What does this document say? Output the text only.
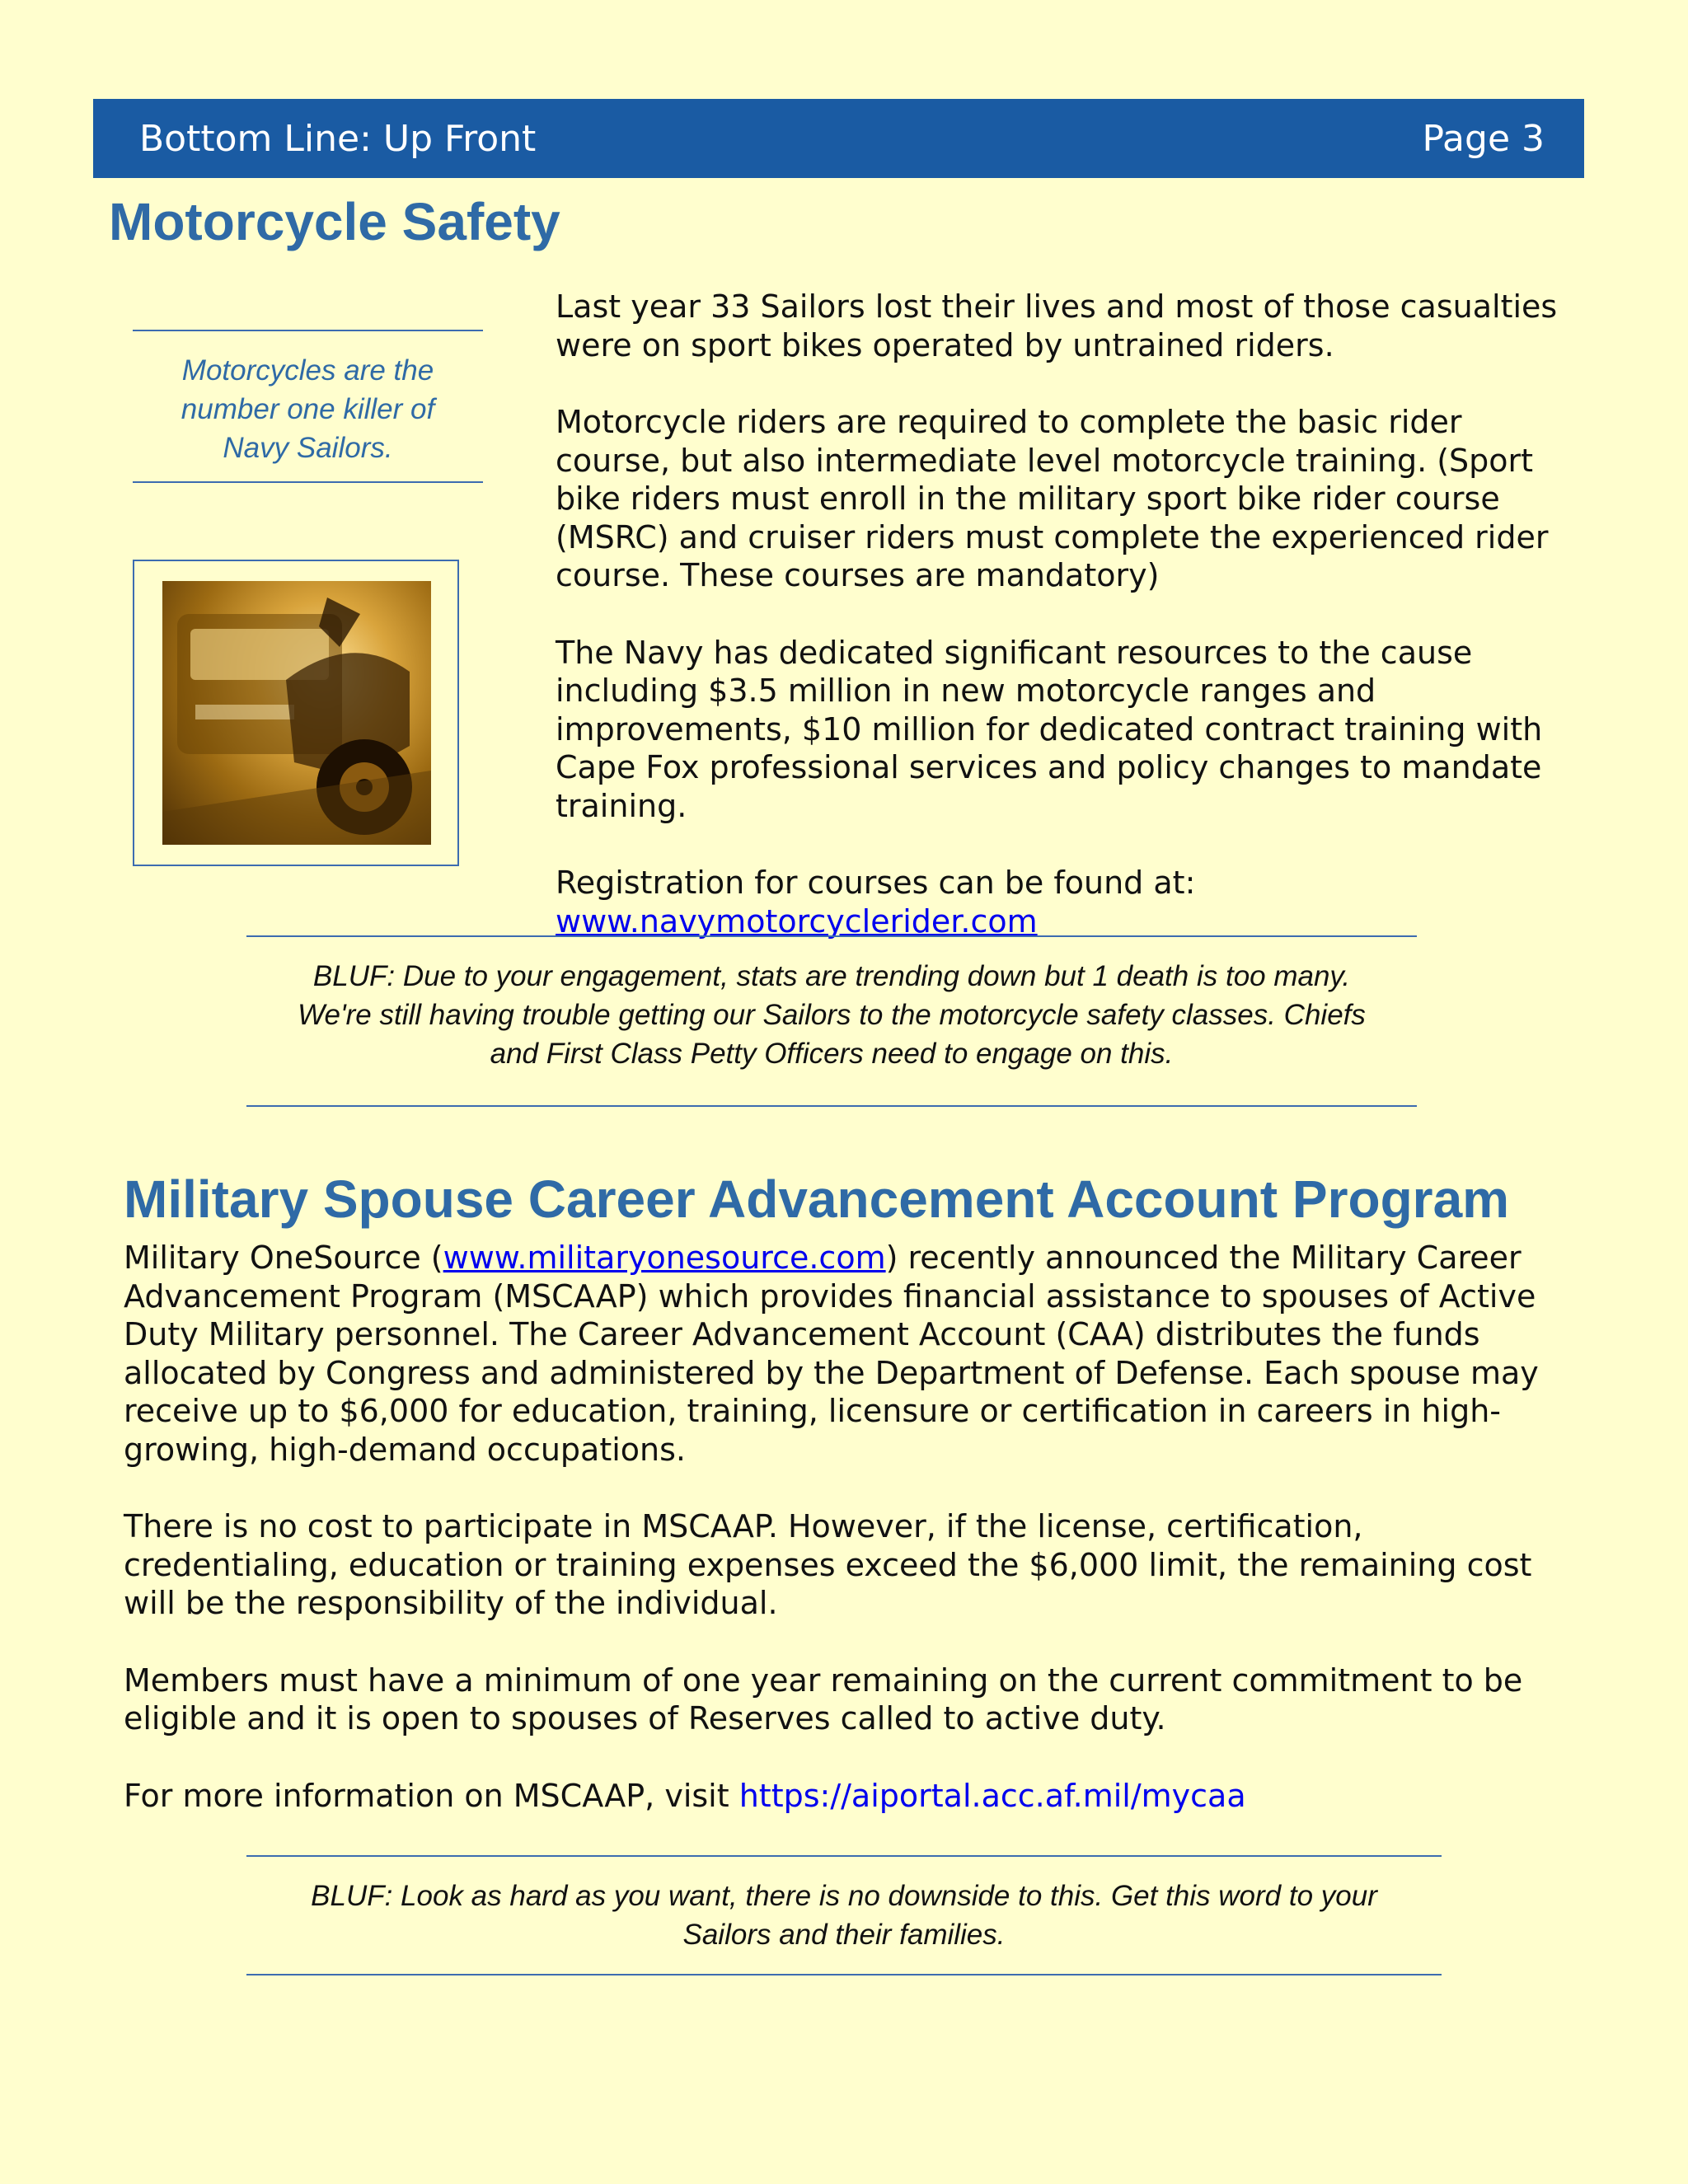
Bottom Line: Up Front	Page 3
Motorcycle Safety
Motorcycles are the
number one killer of
Navy Sailors.

Last year 33 Sailors lost their lives and most of those casualties were on sport bikes operated by untrained riders.

Motorcycle riders are required to complete the basic rider course, but also intermediate level motorcycle training. (Sport bike riders must enroll in the military sport bike rider course (MSRC) and cruiser riders must complete the experienced rider course. These courses are mandatory)

The Navy has dedicated significant resources to the cause including $3.5 million in new motorcycle ranges and improvements, $10 million for dedicated contract training with Cape Fox professional services and policy changes to mandate training.

Registration for courses can be found at:
www.navymotorcyclerider.com

BLUF: Due to your engagement, stats are trending down but 1 death is too many.
We're still having trouble getting our Sailors to the motorcycle safety classes. Chiefs
and First Class Petty Officers need to engage on this.
Military Spouse Career Advancement Account Program

Military OneSource (www.militaryonesource.com) recently announced the Military Career Advancement Program (MSCAAP) which provides financial assistance to spouses of Active Duty Military personnel. The Career Advancement Account (CAA) distributes the funds allocated by Congress and administered by the Department of Defense. Each spouse may receive up to $6,000 for education, training, licensure or certification in careers in high-growing, high-demand occupations.

There is no cost to participate in MSCAAP. However, if the license, certification, credentialing, education or training expenses exceed the $6,000 limit, the remaining cost will be the responsibility of the individual.

Members must have a minimum of one year remaining on the current commitment to be eligible and it is open to spouses of Reserves called to active duty.

For more information on MSCAAP, visit https://aiportal.acc.af.mil/mycaa

BLUF: Look as hard as you want, there is no downside to this. Get this word to your
Sailors and their families.
